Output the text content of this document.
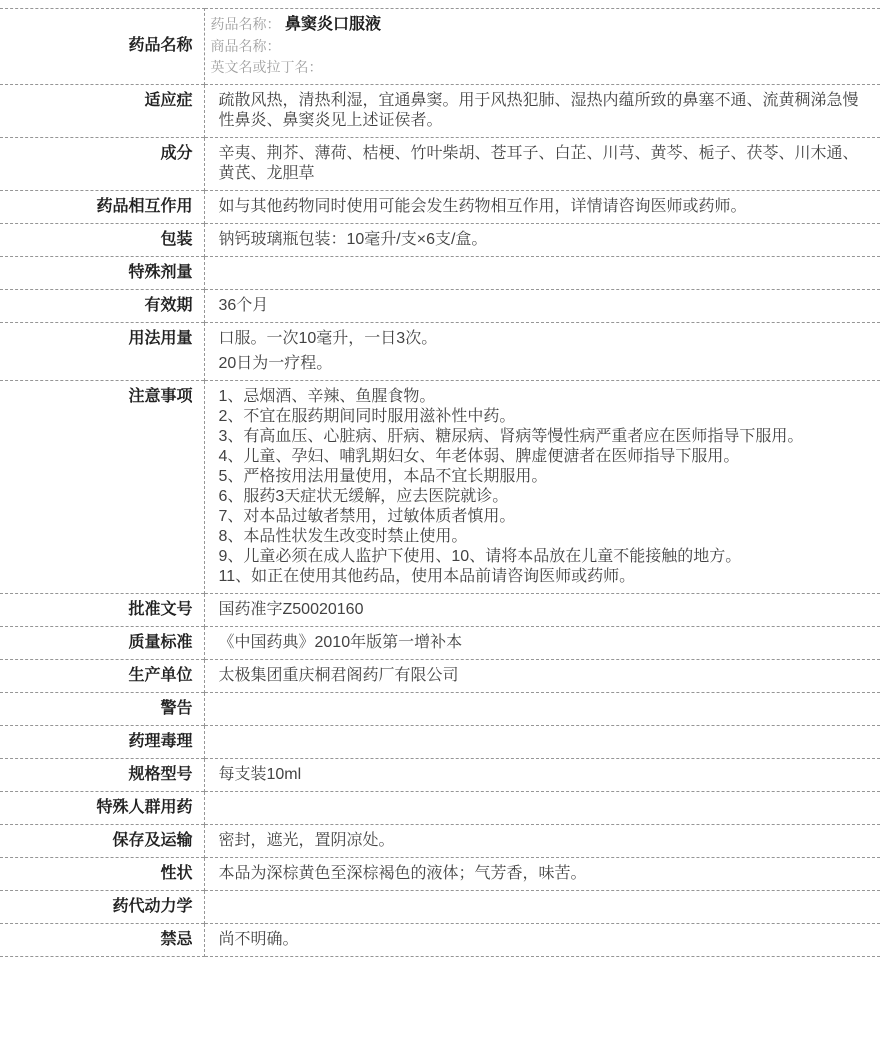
药品名称	药品名称： 鼻窦炎口服液
商品名称：
英文名或拉丁名：

适应症	疏散风热，清热利湿，宜通鼻窦。用于风热犯肺、湿热内蕴所致的鼻塞不通、流黄稠涕急慢性鼻炎、鼻窦炎见上述证侯者。

成分	辛夷、荆芥、薄荷、桔梗、竹叶柴胡、苍耳子、白芷、川芎、黄芩、栀子、茯苓、川木通、黄芪、龙胆草

药品相互作用	如与其他药物同时使用可能会发生药物相互作用，详情请咨询医师或药师。

包装	钠钙玻璃瓶包装：10毫升/支×6支/盒。

特殊剂量	

有效期	36个月

用法用量	口服。一次10毫升，一日3次。
20日为一疗程。

注意事项	1、忌烟酒、辛辣、鱼腥食物。
2、不宜在服药期间同时服用滋补性中药。
3、有高血压、心脏病、肝病、糖尿病、肾病等慢性病严重者应在医师指导下服用。
4、儿童、孕妇、哺乳期妇女、年老体弱、脾虚便溏者在医师指导下服用。
5、严格按用法用量使用，本品不宜长期服用。
6、服药3天症状无缓解，应去医院就诊。
7、对本品过敏者禁用，过敏体质者慎用。
8、本品性状发生改变时禁止使用。
9、儿童必须在成人监护下使用、10、请将本品放在儿童不能接触的地方。
11、如正在使用其他药品，使用本品前请咨询医师或药师。

批准文号	国药准字Z50020160

质量标准	《中国药典》2010年版第一增补本

生产单位	太极集团重庆桐君阁药厂有限公司

警告	

药理毒理	

规格型号	每支装10ml

特殊人群用药	

保存及运输	密封，遮光，置阴凉处。

性状	本品为深棕黄色至深棕褐色的液体；气芳香，味苦。

药代动力学	

禁忌	尚不明确。
